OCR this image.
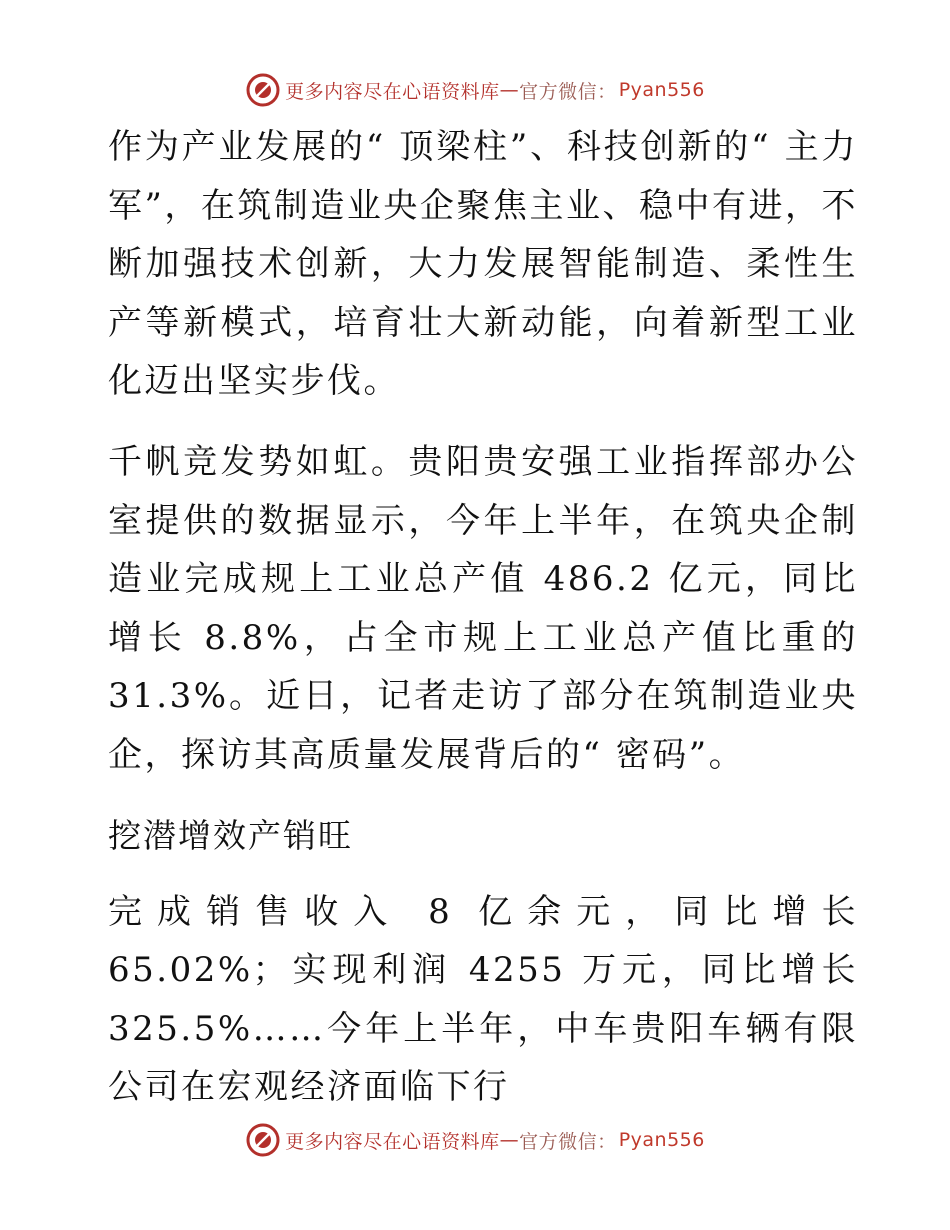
更多内容尽在心语资料库 — 官方微信： Pyan556

作为产业发展的“ 顶梁柱”、科技创新的“ 主力军”，在筑制造业央企聚焦主业、稳中有进，不断加强技术创新，大力发展智能制造、柔性生产等新模式，培育壮大新动能，向着新型工业化迈出坚实步伐。

千帆竞发势如虹。贵阳贵安强工业指挥部办公室提供的数据显示，今年上半年，在筑央企制造业完成规上工业总产值 486.2 亿元，同比增长 8.8%，占全市规上工业总产值比重的 31.3%。近日，记者走访了部分在筑制造业央企，探访其高质量发展背后的“ 密码”。

挖潜增效产销旺

完成销售收入 8 亿余元，同比增长 65.02%；实现利润 4255 万元，同比增长 325.5%……今年上半年，中车贵阳车辆有限公司在宏观经济面临下行

更多内容尽在心语资料库 — 官方微信： Pyan556
